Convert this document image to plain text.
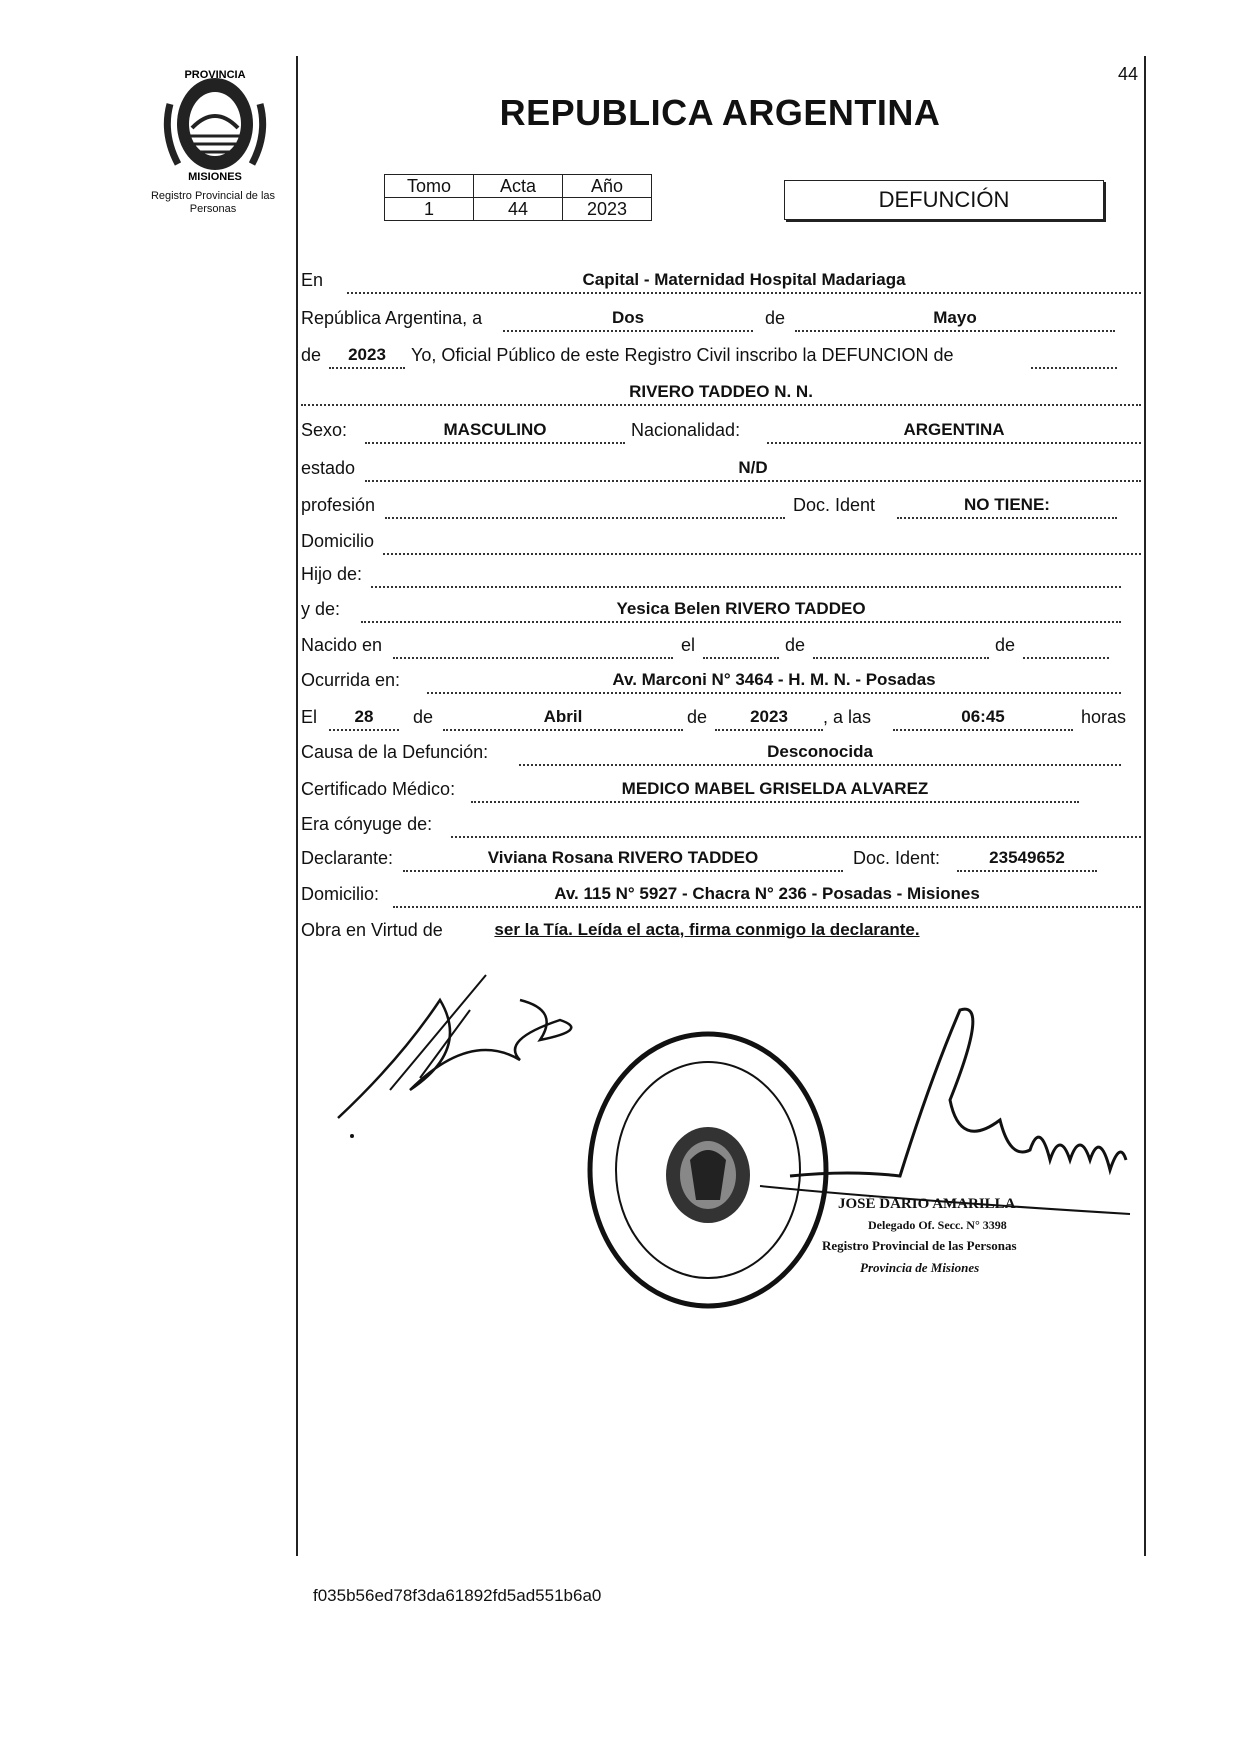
44
REPUBLICA ARGENTINA
PROVINCIA
MISIONES
Registro Provincial de las Personas
Tomo	Acta	Año
1	44	2023	DEFUNCIÓN
En	Capital - Maternidad Hospital Madariaga
República Argentina, a	Dos	de	Mayo
de	2023	Yo, Oficial Público de este Registro Civil inscribo la DEFUNCION de
RIVERO TADDEO N. N.
Sexo:	MASCULINO	Nacionalidad:	ARGENTINA
estado	N/D
profesión	Doc. Ident	NO TIENE:
Domicilio
Hijo de:
y de:	Yesica Belen RIVERO TADDEO
Nacido en	el	de	de
Ocurrida en:	Av. Marconi N° 3464 - H. M. N. - Posadas
El	28	de	Abril	de	2023	, a las	06:45	horas
Causa de la Defunción:	Desconocida
Certificado Médico:	MEDICO MABEL GRISELDA ALVAREZ
Era cónyuge de:
Declarante:	Viviana Rosana RIVERO TADDEO	Doc. Ident:	23549652
Domicilio:	Av. 115 N° 5927 - Chacra N° 236 - Posadas - Misiones
Obra en Virtud de	ser la Tía. Leída el acta, firma conmigo la declarante.
JOSÉ DARIO AMARILLA
Delegado Of. Secc. N° 3398
Registro Provincial de las Personas
Provincia de Misiones
f035b56ed78f3da61892fd5ad551b6a0
